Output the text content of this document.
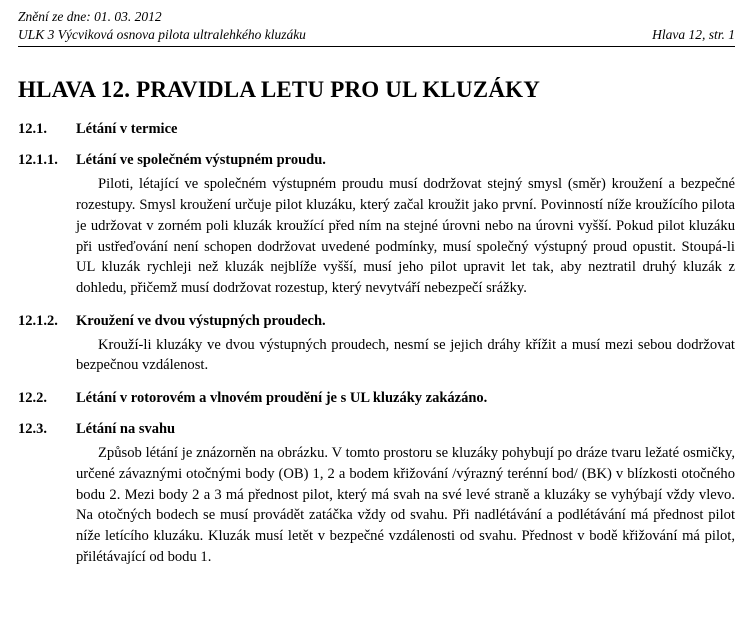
Znění ze dne: 01. 03. 2012
ULK 3 Výcviková osnova pilota ultralehkého kluzáku	Hlava 12, str. 1
HLAVA 12. PRAVIDLA LETU PRO UL KLUZÁKY
12.1. Létání v termice
12.1.1. Létání ve společném výstupném proudu.

Piloti, létající ve společném výstupném proudu musí dodržovat stejný smysl (směr) kroužení a bezpečné rozestupy. Smysl kroužení určuje pilot kluzáku, který začal kroužit jako první. Povinností níže kroužícího pilota je udržovat v zorném poli kluzák kroužící před ním na stejné úrovni nebo na úrovni vyšší. Pokud pilot kluzáku při ustřeďování není schopen dodržovat uvedené podmínky, musí společný výstupný proud opustit. Stoupá-li UL kluzák rychleji než kluzák nejblíže vyšší, musí jeho pilot upravit let tak, aby neztratil druhý kluzák z dohledu, přičemž musí dodržovat rozestup, který nevytváří nebezpečí srážky.

12.1.2. Kroužení ve dvou výstupných proudech.

Krouží-li kluzáky ve dvou výstupných proudech, nesmí se jejich dráhy křížit a musí mezi sebou dodržovat bezpečnou vzdálenost.

12.2. Létání v rotorovém a vlnovém proudění je s UL kluzáky zakázáno.
12.3. Létání na svahu

Způsob létání je znázorněn na obrázku. V tomto prostoru se kluzáky pohybují po dráze tvaru ležaté osmičky, určené závaznými otočnými body (OB) 1, 2 a bodem křižování /výrazný terénní bod/ (BK) v blízkosti otočného bodu 2. Mezi body 2 a 3 má přednost pilot, který má svah na své levé straně a kluzáky se vyhýbají vždy vlevo. Na otočných bodech se musí provádět zatáčka vždy od svahu. Při nadlétávání a podlétávání má přednost pilot níže letícího kluzáku. Kluzák musí letět v bezpečné vzdálenosti od svahu. Přednost v bodě křižování má pilot, přilétávající od bodu 1.
